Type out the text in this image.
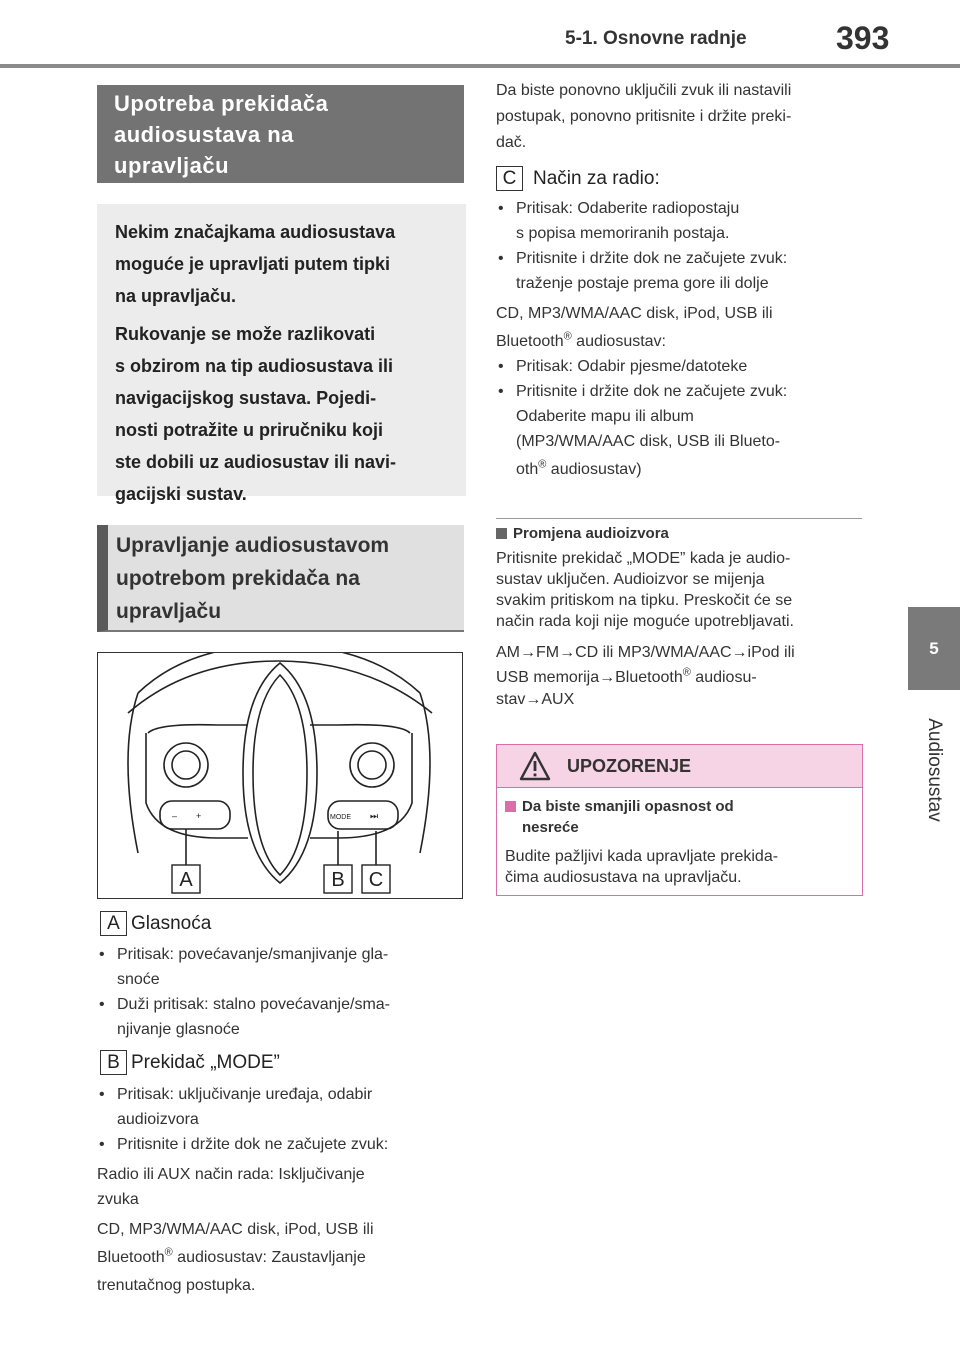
5-1. Osnovne radnje	393
5
Audiosustav
Upotreba prekidača
audiosustava na
upravljaču

Nekim značajkama audiosustava
moguće je upravljati putem tipki
na upravljaču.

Rukovanje se može razlikovati
s obzirom na tip audiosustava ili
navigacijskog sustava. Pojedi-
nosti potražite u priručniku koji
ste dobili uz audiosustav ili navi-
gacijski sustav.

Upravljanje audiosustavom
upotrebom prekidača na
upravljaču
– +	MODE ⏭
A	B C
A Glasnoća
• Pritisak: povećavanje/smanjivanje gla-
snoće
• Duži pritisak: stalno povećavanje/sma-
njivanje glasnoće
B Prekidač „MODE”
• Pritisak: uključivanje uređaja, odabir
audioizvora
• Pritisnite i držite dok ne začujete zvuk:
Radio ili AUX način rada: Isključivanje
zvuka
CD, MP3/WMA/AAC disk, iPod, USB ili
Bluetooth® audiosustav: Zaustavljanje
trenutačnog postupka.
Da biste ponovno uključili zvuk ili nastavili
postupak, ponovno pritisnite i držite preki-
dač.
C Način za radio:
• Pritisak: Odaberite radiopostaju
s popisa memoriranih postaja.
• Pritisnite i držite dok ne začujete zvuk:
traženje postaje prema gore ili dolje
CD, MP3/WMA/AAC disk, iPod, USB ili
Bluetooth® audiosustav:
• Pritisak: Odabir pjesme/datoteke
• Pritisnite i držite dok ne začujete zvuk:
Odaberite mapu ili album
(MP3/WMA/AAC disk, USB ili Blueto-
oth® audiosustav)
Promjena audioizvora
Pritisnite prekidač „MODE” kada je audio-
sustav uključen. Audioizvor se mijenja
svakim pritiskom na tipku. Preskočit će se
način rada koji nije moguće upotrebljavati.
AM→FM→CD ili MP3/WMA/AAC→iPod ili
USB memorija→Bluetooth® audiosu-
stav→AUX
UPOZORENJE
Da biste smanjili opasnost od
nesreće
Budite pažljivi kada upravljate prekida-
čima audiosustava na upravljaču.
